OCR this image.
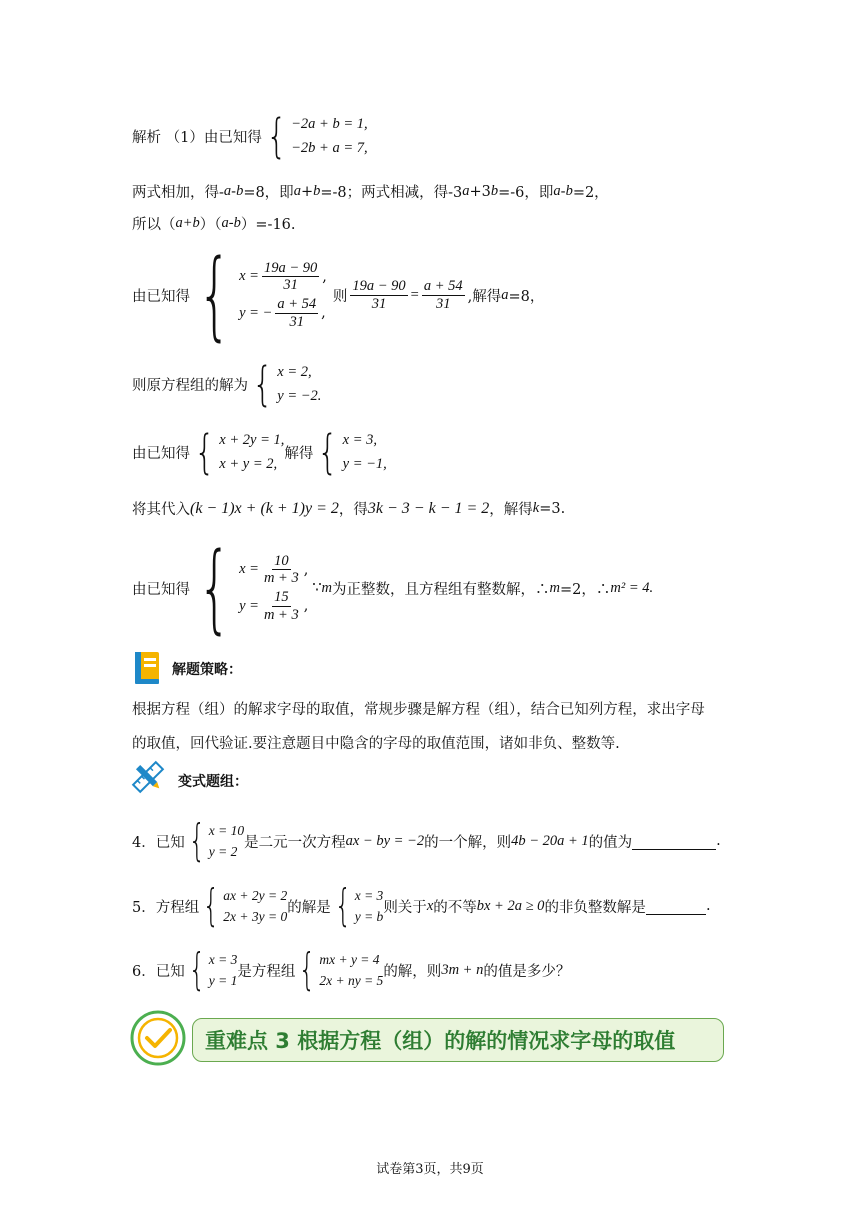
解析 （1）由已知得 { −2a + b = 1,
−2b + a = 7,
两式相加，得- a - b =8，即 a + b =-8；两式相减，得-3 a +3 b =-6，即 a - b =2，
所以（ a+b ）（ a-b ）=-16.
由已知得 { $x = \frac{19a - 90}{31}$ ,
y = − $\frac{a + 54}{31}$ ,
则 $\frac{19a - 90}{31} = \frac{a + 54}{31}$ ,解得 a =8，
则原方程组的解为 { x = 2,
y = −2.
由已知得 { x + 2y = 1,
x + y = 2,
解得 { x = 3,
y = −1,
将其代入 (k − 1)x + (k + 1)y = 2 ，得 3k − 3 − k − 1 = 2 ，解得 k =3.
由已知得 { $x = \frac{10}{m + 3}$ ,
$y = \frac{15}{m + 3}$ ,
∵ m 为正整数，且方程组有整数解，∴ m =2，∴ m² = 4.
解题策略：
根据方程（组）的解求字母的取值，常规步骤是解方程（组），结合已知列方程，求出字母
的取值，回代验证.要注意题目中隐含的字母的取值范围，诸如非负、整数等.
变式题组：
4．已知 { x = 10
y = 2
是二元一次方程 ax − by = −2 的一个解，则 4b − 20a + 1 的值为	.
5．方程组 { ax + 2y = 2
2x + 3y = 0
的解是 { x = 3
y = b
则关于 x 的不等 bx + 2a ≥ 0 的非负整数解是	.
6．已知 { x = 3
y = 1
是方程组 { mx + y = 4
2x + ny = 5
的解，则 3m + n 的值是多少？
重难点 3 根据方程（组）的解的情况求字母的取值
试卷第3页，共9页
